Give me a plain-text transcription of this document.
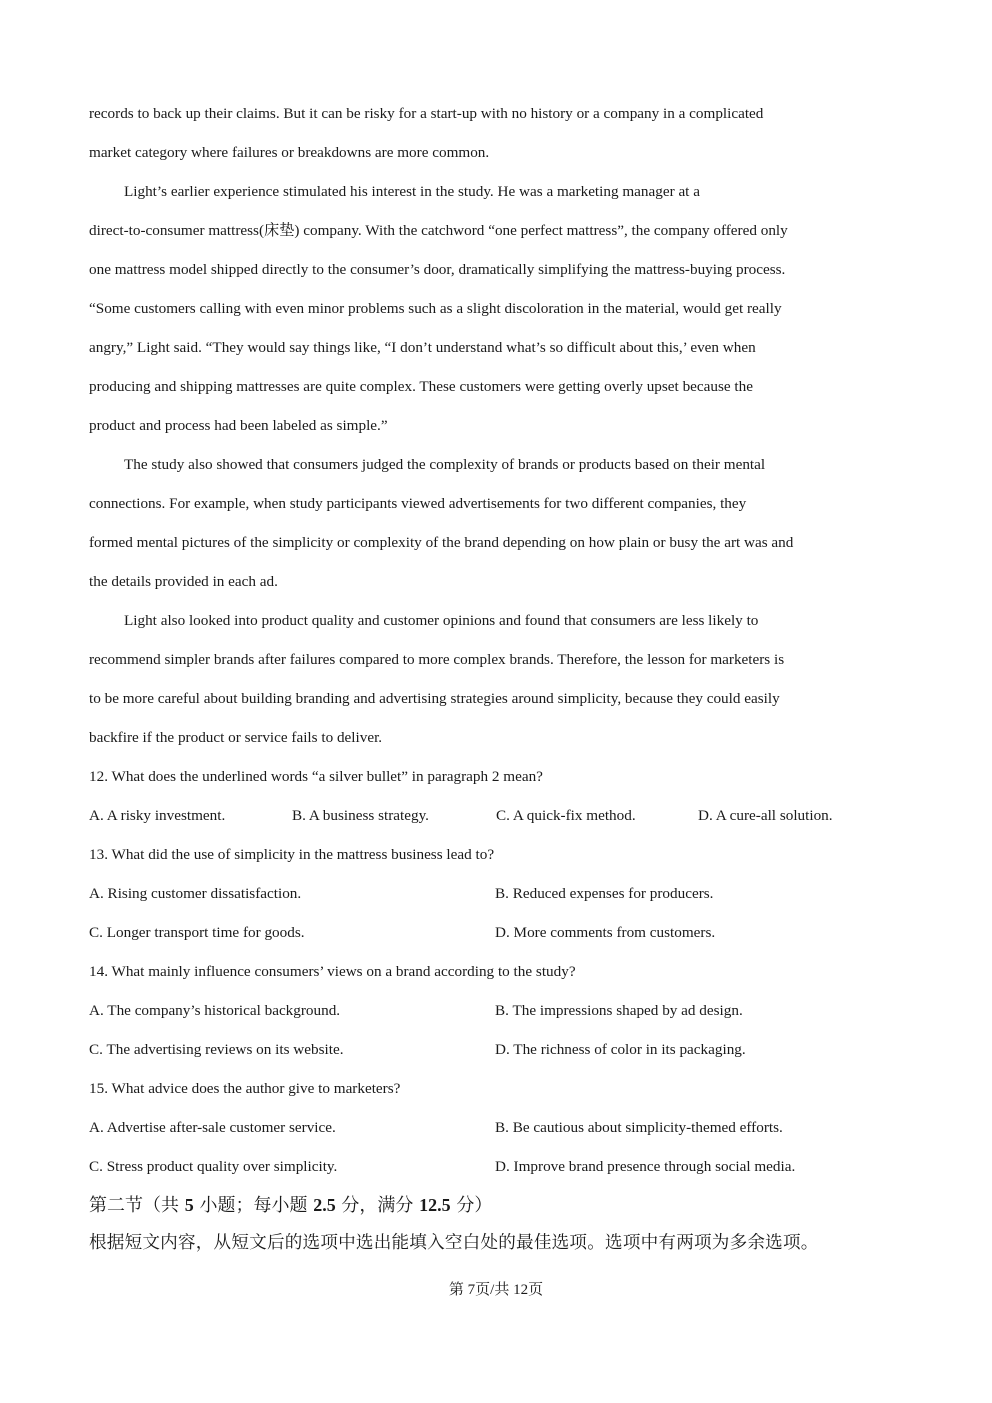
records to back up their claims. But it can be risky for a start-up with no history or a company in a complicated
market category where failures or breakdowns are more common.
Light’s earlier experience stimulated his interest in the study. He was a marketing manager at a
direct-to-consumer mattress(床垫) company. With the catchword “one perfect mattress”, the company offered only
one mattress model shipped directly to the consumer’s door, dramatically simplifying the mattress-buying process.
“Some customers calling with even minor problems such as a slight discoloration in the material, would get really
angry,” Light said. “They would say things like, “I don’t understand what’s so difficult about this,’ even when
producing and shipping mattresses are quite complex. These customers were getting overly upset because the
product and process had been labeled as simple.”
The study also showed that consumers judged the complexity of brands or products based on their mental
connections. For example, when study participants viewed advertisements for two different companies, they
formed mental pictures of the simplicity or complexity of the brand depending on how plain or busy the art was and
the details provided in each ad.
Light also looked into product quality and customer opinions and found that consumers are less likely to
recommend simpler brands after failures compared to more complex brands. Therefore, the lesson for marketers is
to be more careful about building branding and advertising strategies around simplicity, because they could easily
backfire if the product or service fails to deliver.
12. What does the underlined words “a silver bullet” in paragraph 2 mean?
A. A risky investment.	B. A business strategy.	C. A quick-fix method.	D. A cure-all solution.
13. What did the use of simplicity in the mattress business lead to?
A. Rising customer dissatisfaction.	B. Reduced expenses for producers.
C. Longer transport time for goods.	D. More comments from customers.
14. What mainly influence consumers’ views on a brand according to the study?
A. The company’s historical background.	B. The impressions shaped by ad design.
C. The advertising reviews on its website.	D. The richness of color in its packaging.
15. What advice does the author give to marketers?
A. Advertise after-sale customer service.	B. Be cautious about simplicity-themed efforts.
C. Stress product quality over simplicity.	D. Improve brand presence through social media.
第二节（共 5 小题；每小题 2.5 分，满分 12.5 分）
根据短文内容，从短文后的选项中选出能填入空白处的最佳选项。选项中有两项为多余选项。
第 7页/共 12页
